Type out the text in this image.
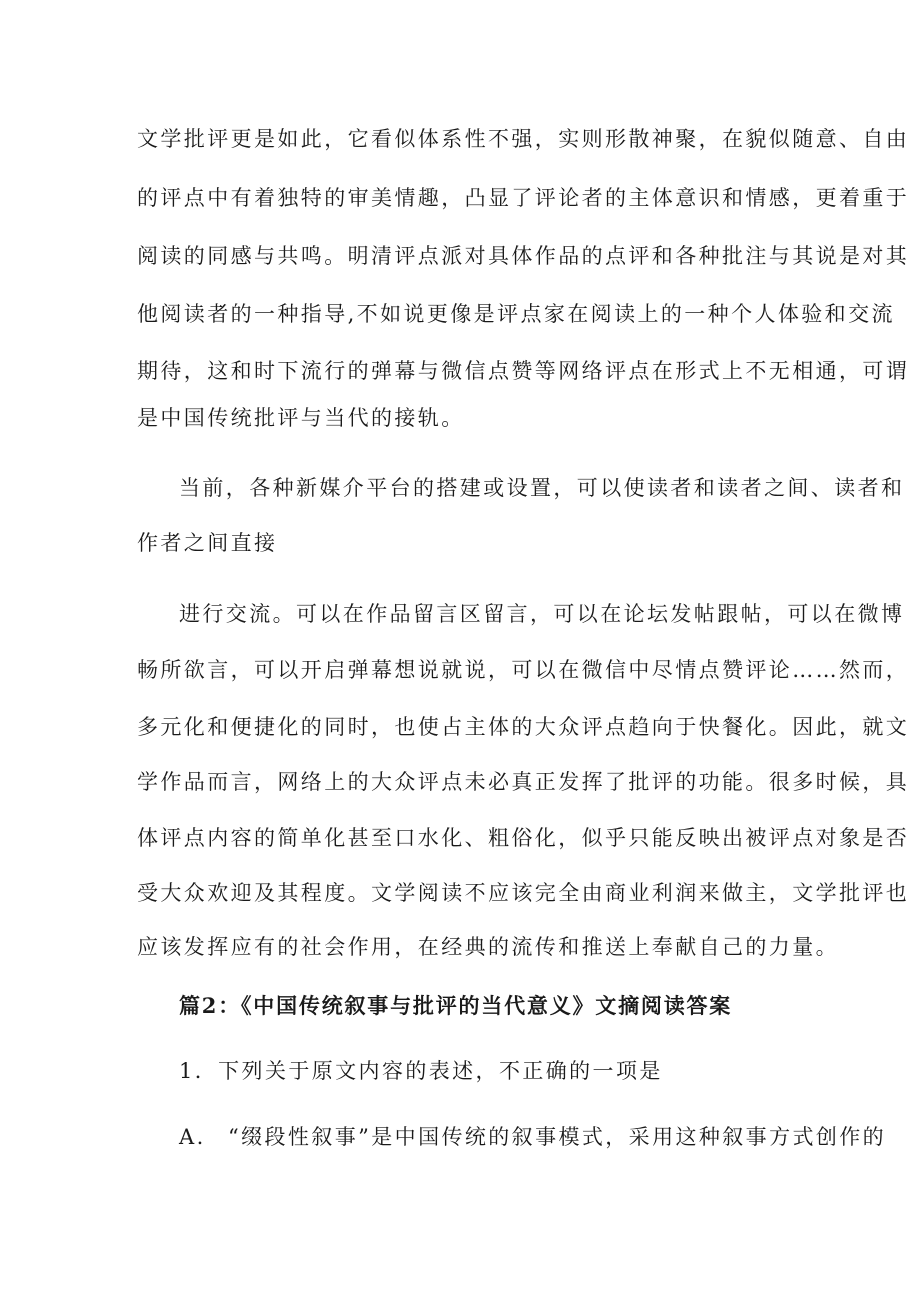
文学批评更是如此，它看似体系性不强，实则形散神聚，在貌似随意、自由
的评点中有着独特的审美情趣，凸显了评论者的主体意识和情感，更着重于
阅读的同感与共鸣。明清评点派对具体作品的点评和各种批注与其说是对其
他阅读者的一种指导,不如说更像是评点家在阅读上的一种个人体验和交流
期待，这和时下流行的弹幕与微信点赞等网络评点在形式上不无相通，可谓
是中国传统批评与当代的接轨。
当前，各种新媒介平台的搭建或设置，可以使读者和读者之间、读者和
作者之间直接
进行交流。可以在作品留言区留言，可以在论坛发帖跟帖，可以在微博
畅所欲言，可以开启弹幕想说就说，可以在微信中尽情点赞评论……然而，
多元化和便捷化的同时，也使占主体的大众评点趋向于快餐化。因此，就文
学作品而言，网络上的大众评点未必真正发挥了批评的功能。很多时候，具
体评点内容的简单化甚至口水化、粗俗化，似乎只能反映出被评点对象是否
受大众欢迎及其程度。文学阅读不应该完全由商业利润来做主，文学批评也
应该发挥应有的社会作用，在经典的流传和推送上奉献自己的力量。
篇2：《中国传统叙事与批评的当代意义》文摘阅读答案
1．下列关于原文内容的表述，不正确的一项是
A. “缀段性叙事”是中国传统的叙事模式，采用这种叙事方式创作的
